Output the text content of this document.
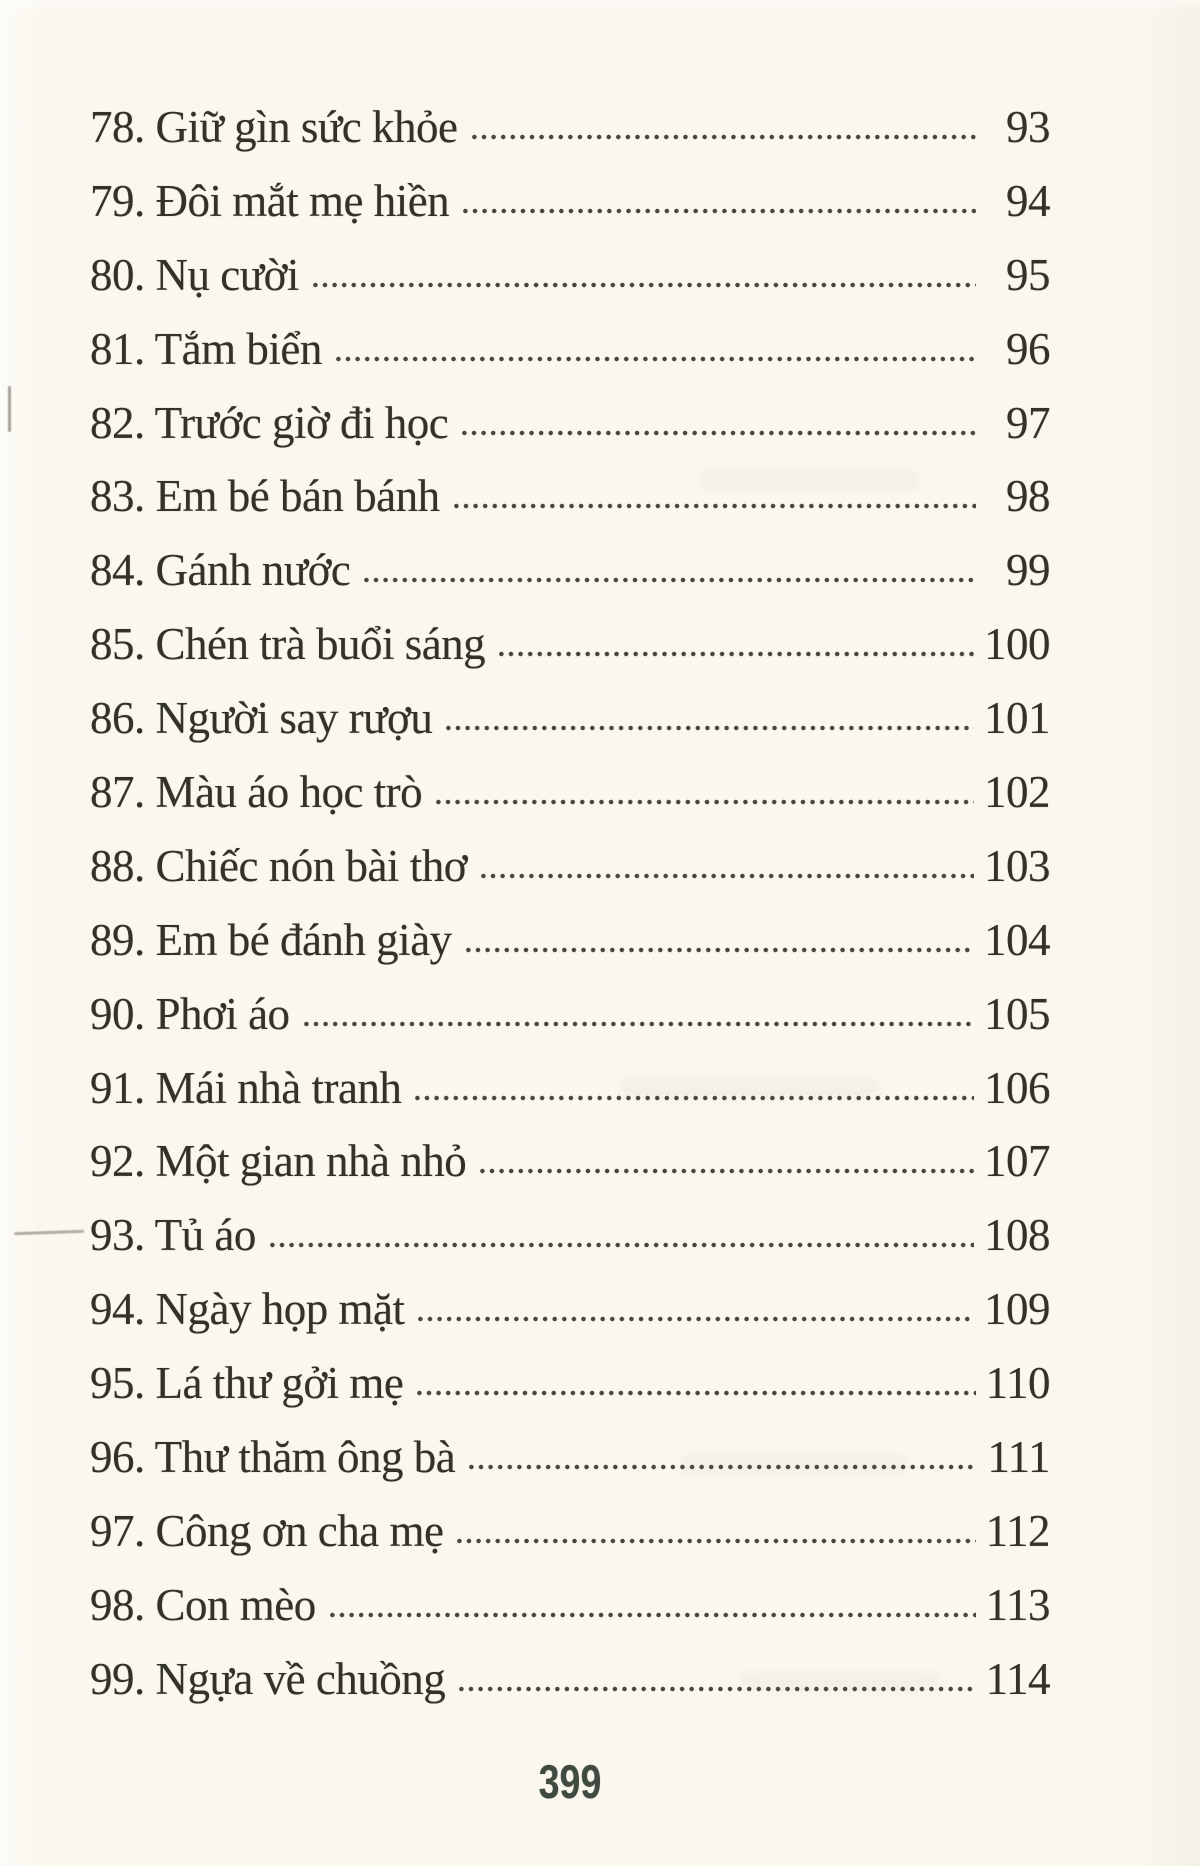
78. Giữ gìn sức khỏe	93
79. Đôi mắt mẹ hiền	94
80. Nụ cười	95
81. Tắm biển	96
82. Trước giờ đi học	97
83. Em bé bán bánh	98
84. Gánh nước	99
85. Chén trà buổi sáng	100
86. Người say rượu	101
87. Màu áo học trò	102
88. Chiếc nón bài thơ	103
89. Em bé đánh giày	104
90. Phơi áo	105
91. Mái nhà tranh	106
92. Một gian nhà nhỏ	107
93. Tủ áo	108
94. Ngày họp mặt	109
95. Lá thư gởi mẹ	110
96. Thư thăm ông bà	111
97. Công ơn cha mẹ	112
98. Con mèo	113
99. Ngựa về chuồng	114
399
